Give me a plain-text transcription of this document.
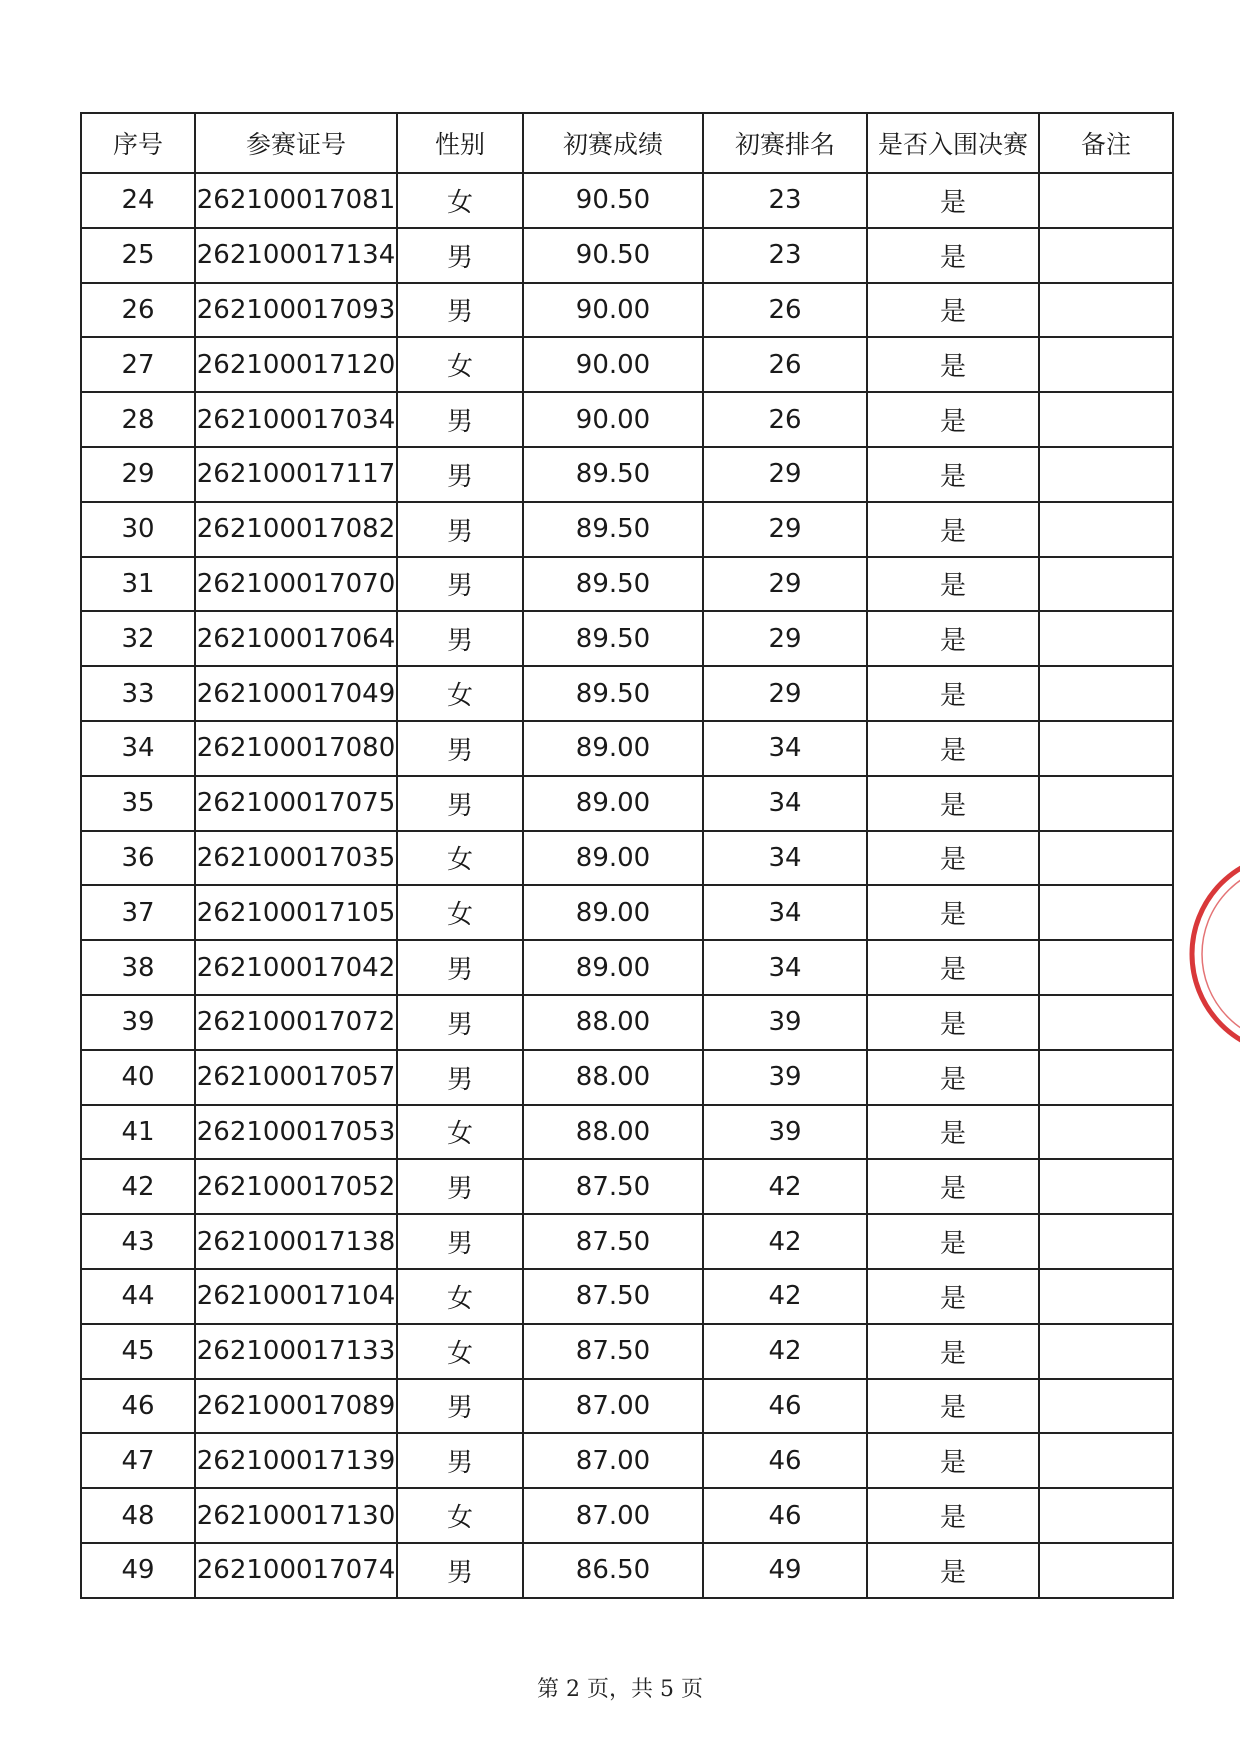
序号	参赛证号	性别	初赛成绩	初赛排名	是否入围决赛	备注
24	262100017081	女	90.50	23	是	
25	262100017134	男	90.50	23	是	
26	262100017093	男	90.00	26	是	
27	262100017120	女	90.00	26	是	
28	262100017034	男	90.00	26	是	
29	262100017117	男	89.50	29	是	
30	262100017082	男	89.50	29	是	
31	262100017070	男	89.50	29	是	
32	262100017064	男	89.50	29	是	
33	262100017049	女	89.50	29	是	
34	262100017080	男	89.00	34	是	
35	262100017075	男	89.00	34	是	
36	262100017035	女	89.00	34	是	
37	262100017105	女	89.00	34	是	
38	262100017042	男	89.00	34	是	
39	262100017072	男	88.00	39	是	
40	262100017057	男	88.00	39	是	
41	262100017053	女	88.00	39	是	
42	262100017052	男	87.50	42	是	
43	262100017138	男	87.50	42	是	
44	262100017104	女	87.50	42	是	
45	262100017133	女	87.50	42	是	
46	262100017089	男	87.00	46	是	
47	262100017139	男	87.00	46	是	
48	262100017130	女	87.00	46	是	
49	262100017074	男	86.50	49	是	
第 2 页，共 5 页
